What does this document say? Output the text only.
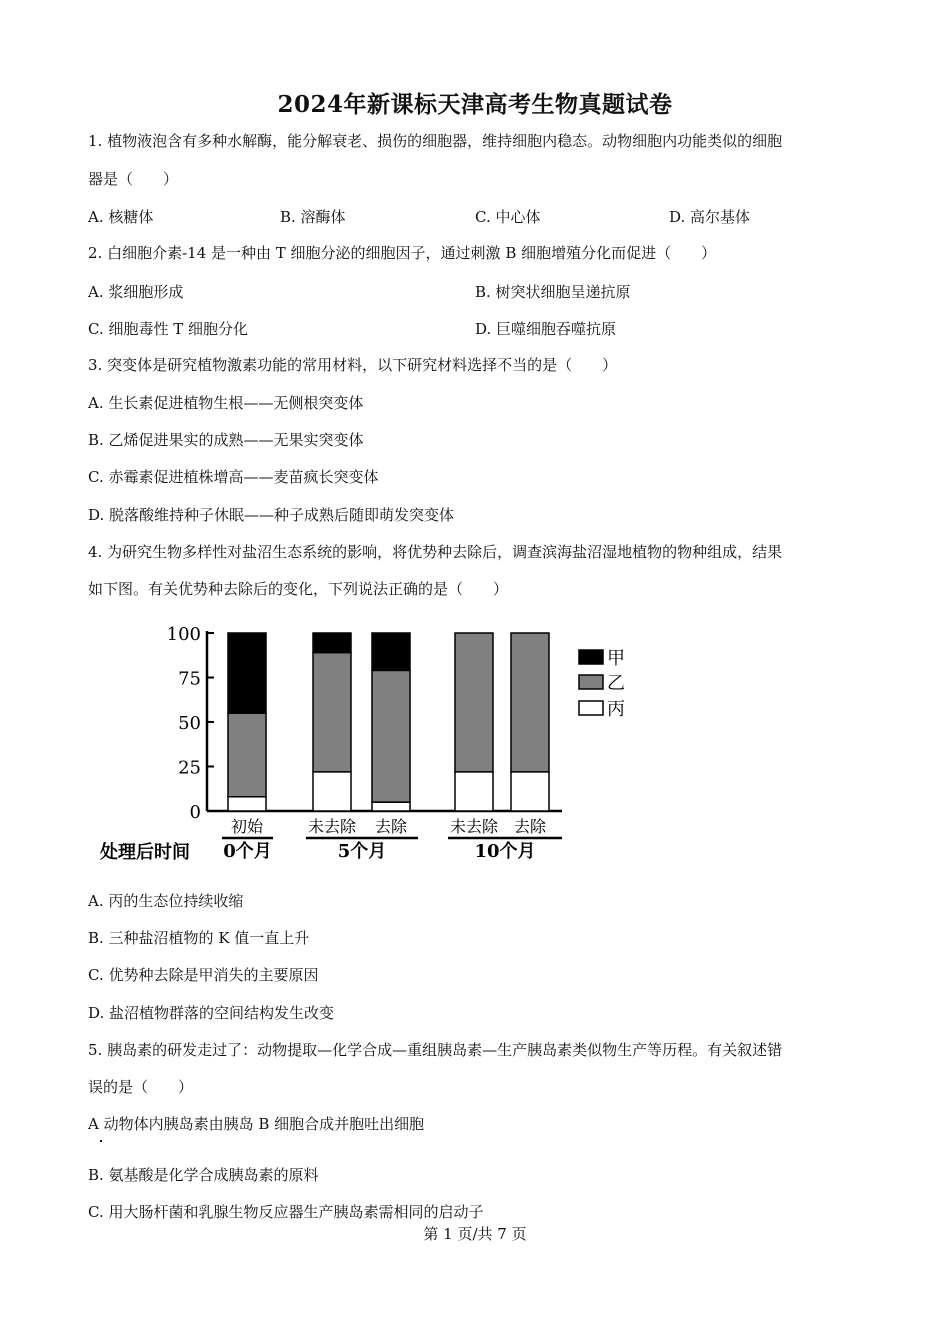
2024年新课标天津高考生物真题试卷
1. 植物液泡含有多种水解酶，能分解衰老、损伤的细胞器，维持细胞内稳态。动物细胞内功能类似的细胞
器是（　　）
A. 核糖体	B. 溶酶体	C. 中心体	D. 高尔基体
2. 白细胞介素-14 是一种由 T 细胞分泌的细胞因子，通过刺激 B 细胞增殖分化而促进（　　）
A. 浆细胞形成	B. 树突状细胞呈递抗原
C. 细胞毒性 T 细胞分化	D. 巨噬细胞吞噬抗原
3. 突变体是研究植物激素功能的常用材料，以下研究材料选择不当的是（　　）
A. 生长素促进植物生根——无侧根突变体
B. 乙烯促进果实的成熟——无果实突变体
C. 赤霉素促进植株增高——麦苗疯长突变体
D. 脱落酸维持种子休眠——种子成熟后随即萌发突变体
4. 为研究生物多样性对盐沼生态系统的影响，将优势种去除后，调查滨海盐沼湿地植物的物种组成，结果
如下图。有关优势种去除后的变化，下列说法正确的是（　　）
0
25
50
75
100
初始	未去除 去除	未去除 去除
0个月	5个月	10个月
处理后时间
甲
乙
丙
A. 丙的生态位持续收缩
B. 三种盐沼植物的 K 值一直上升
C. 优势种去除是甲消失的主要原因
D. 盐沼植物群落的空间结构发生改变
5. 胰岛素的研发走过了：动物提取—化学合成—重组胰岛素—生产胰岛素类似物生产等历程。有关叙述错
误的是（　　）
A 动物体内胰岛素由胰岛 B 细胞合成并胞吐出细胞
B. 氨基酸是化学合成胰岛素的原料
C. 用大肠杆菌和乳腺生物反应器生产胰岛素需相同的启动子
第 1 页/共 7 页
